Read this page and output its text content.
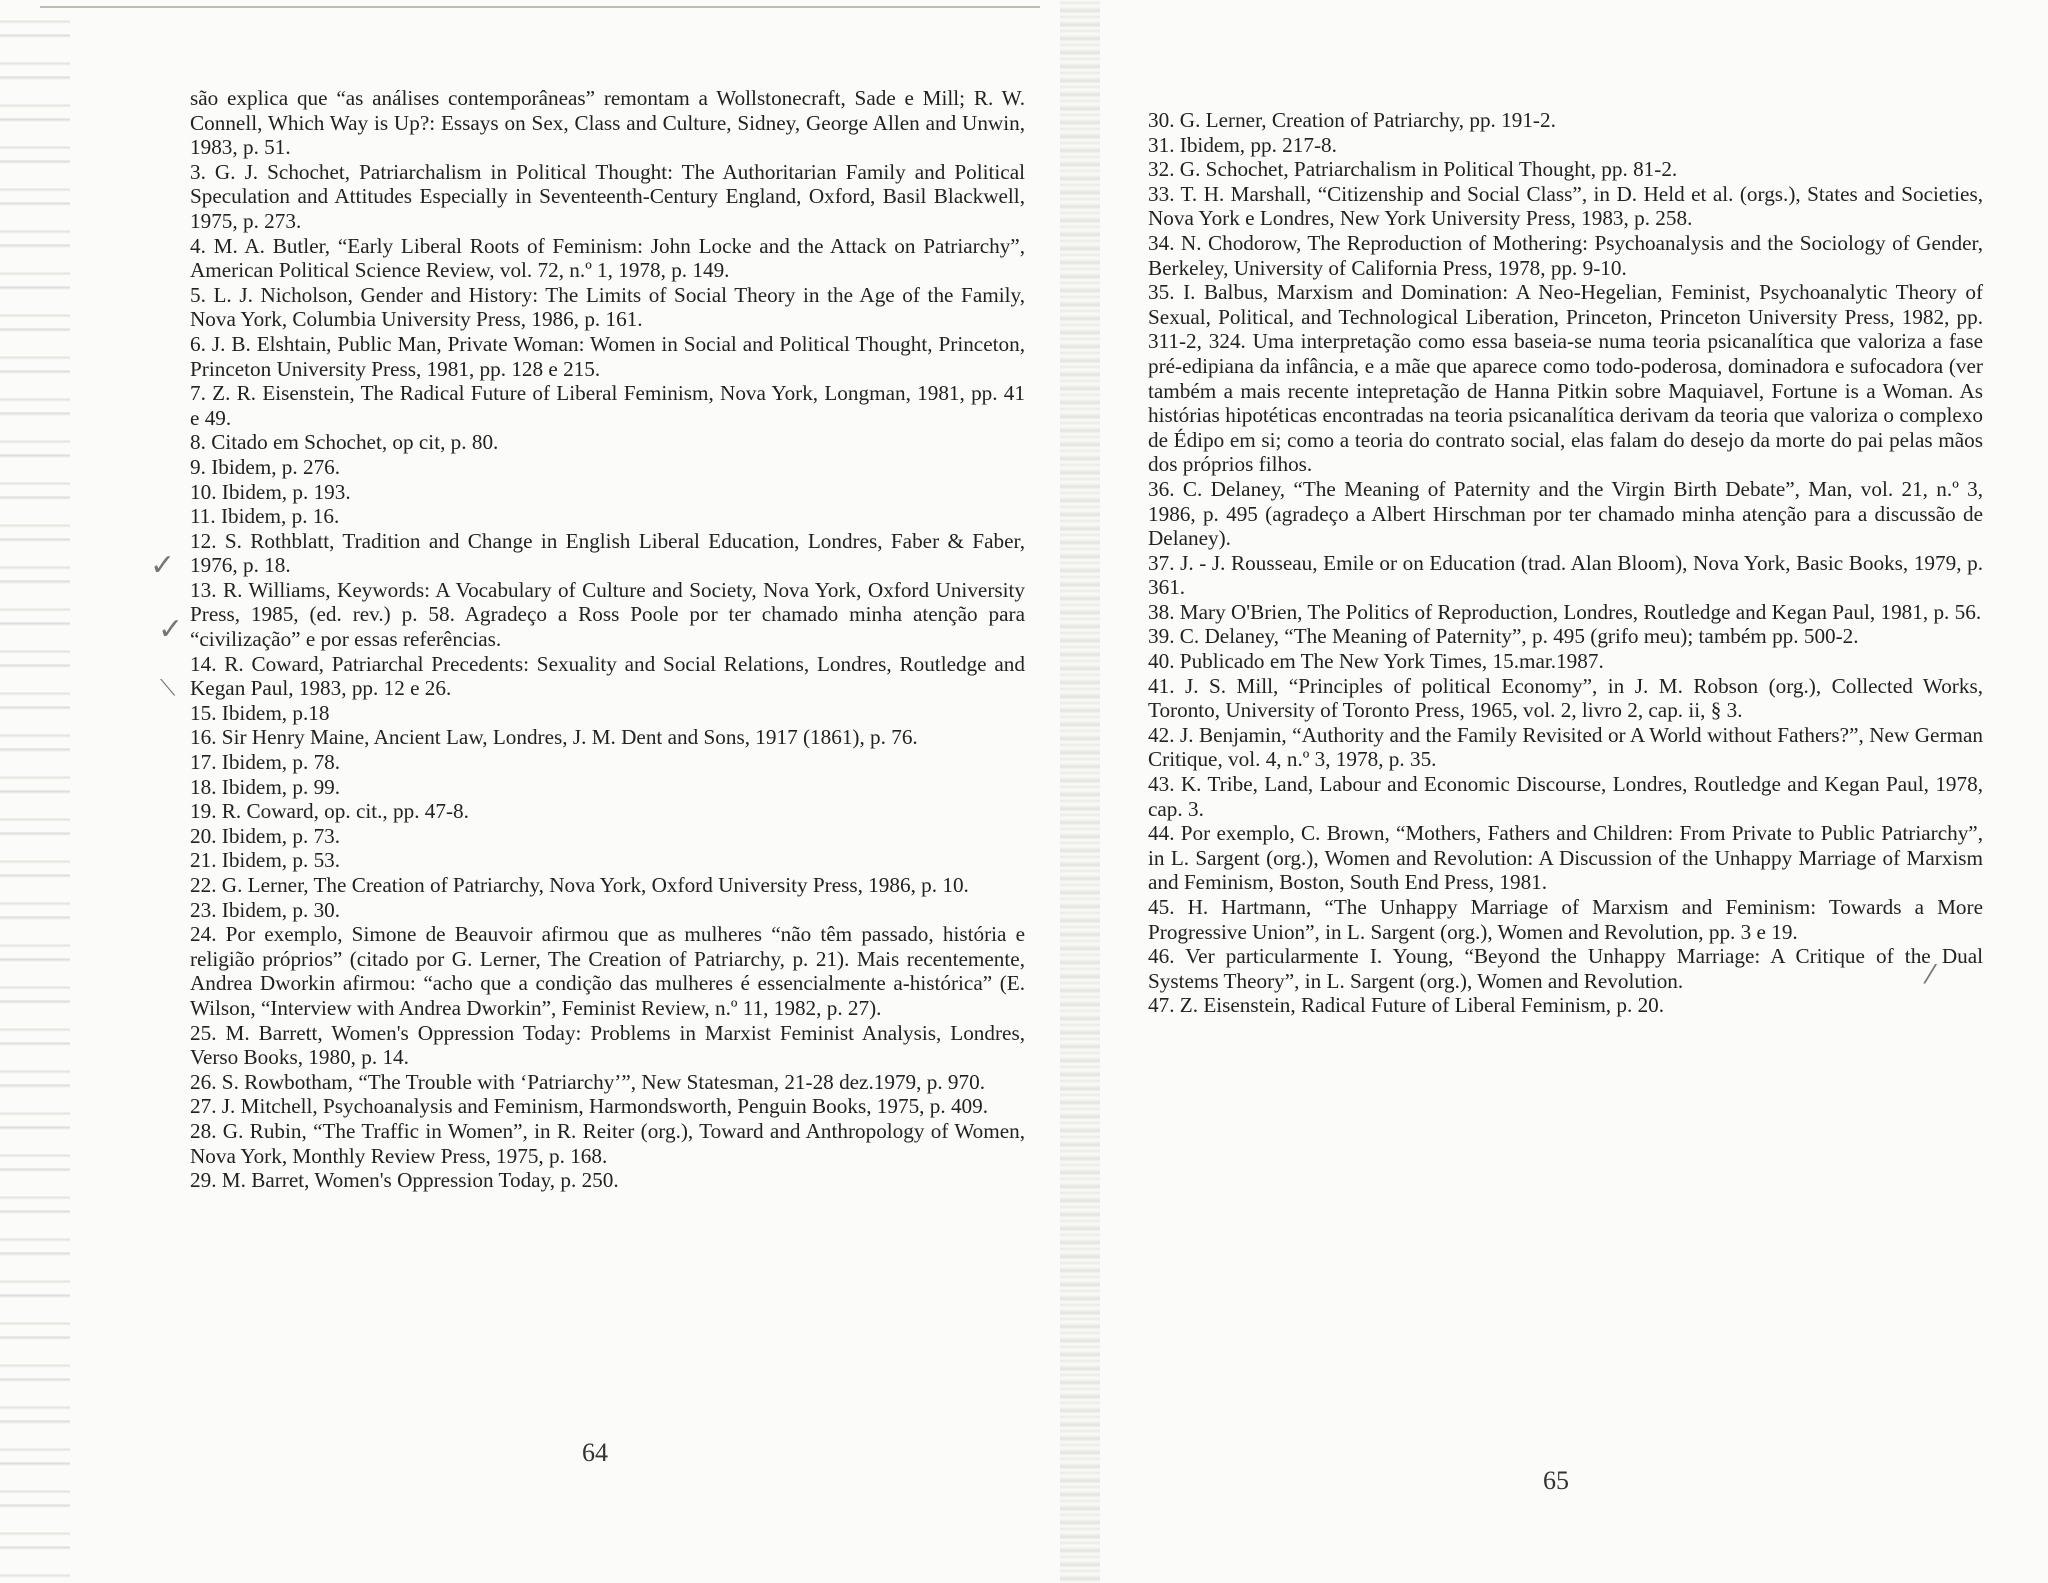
✓
✓
⟍
⁄

são explica que “as análises contemporâneas” remontam a Wollstonecraft, Sade e Mill; R. W. Connell, Which Way is Up?: Essays on Sex, Class and Culture, Sidney, George Allen and Unwin, 1983, p. 51.

3. G. J. Schochet, Patriarchalism in Political Thought: The Authoritarian Family and Political Speculation and Attitudes Especially in Seventeenth-Century England, Oxford, Basil Blackwell, 1975, p. 273.

4. M. A. Butler, “Early Liberal Roots of Feminism: John Locke and the Attack on Patriarchy”, American Political Science Review, vol. 72, n.º 1, 1978, p. 149.

5. L. J. Nicholson, Gender and History: The Limits of Social Theory in the Age of the Family, Nova York, Columbia University Press, 1986, p. 161.

6. J. B. Elshtain, Public Man, Private Woman: Women in Social and Political Thought, Princeton, Princeton University Press, 1981, pp. 128 e 215.

7. Z. R. Eisenstein, The Radical Future of Liberal Feminism, Nova York, Longman, 1981, pp. 41 e 49.

8. Citado em Schochet, op cit, p. 80.

9. Ibidem, p. 276.

10. Ibidem, p. 193.

11. Ibidem, p. 16.

12. S. Rothblatt, Tradition and Change in English Liberal Education, Londres, Faber & Faber, 1976, p. 18.

13. R. Williams, Keywords: A Vocabulary of Culture and Society, Nova York, Oxford University Press, 1985, (ed. rev.) p. 58. Agradeço a Ross Poole por ter chamado minha atenção para “civilização” e por essas referências.

14. R. Coward, Patriarchal Precedents: Sexuality and Social Relations, Londres, Routledge and Kegan Paul, 1983, pp. 12 e 26.

15. Ibidem, p.18

16. Sir Henry Maine, Ancient Law, Londres, J. M. Dent and Sons, 1917 (1861), p. 76.

17. Ibidem, p. 78.

18. Ibidem, p. 99.

19. R. Coward, op. cit., pp. 47-8.

20. Ibidem, p. 73.

21. Ibidem, p. 53.

22. G. Lerner, The Creation of Patriarchy, Nova York, Oxford University Press, 1986, p. 10.

23. Ibidem, p. 30.

24. Por exemplo, Simone de Beauvoir afirmou que as mulheres “não têm passado, história e religião próprios” (citado por G. Lerner, The Creation of Patriarchy, p. 21). Mais recentemente, Andrea Dworkin afirmou: “acho que a condição das mulheres é essencialmente a-histórica” (E. Wilson, “Interview with Andrea Dworkin”, Feminist Review, n.º 11, 1982, p. 27).

25. M. Barrett, Women's Oppression Today: Problems in Marxist Feminist Analysis, Londres, Verso Books, 1980, p. 14.

26. S. Rowbotham, “The Trouble with ‘Patriarchy’”, New Statesman, 21-28 dez.1979, p. 970.

27. J. Mitchell, Psychoanalysis and Feminism, Harmondsworth, Penguin Books, 1975, p. 409.

28. G. Rubin, “The Traffic in Women”, in R. Reiter (org.), Toward and Anthropology of Women, Nova York, Monthly Review Press, 1975, p. 168.

29. M. Barret, Women's Oppression Today, p. 250.

64

30. G. Lerner, Creation of Patriarchy, pp. 191-2.

31. Ibidem, pp. 217-8.

32. G. Schochet, Patriarchalism in Political Thought, pp. 81-2.

33. T. H. Marshall, “Citizenship and Social Class”, in D. Held et al. (orgs.), States and Societies, Nova York e Londres, New York University Press, 1983, p. 258.

34. N. Chodorow, The Reproduction of Mothering: Psychoanalysis and the Sociology of Gender, Berkeley, University of California Press, 1978, pp. 9-10.

35. I. Balbus, Marxism and Domination: A Neo-Hegelian, Feminist, Psychoanalytic Theory of Sexual, Political, and Technological Liberation, Princeton, Princeton University Press, 1982, pp. 311-2, 324. Uma interpretação como essa baseia-se numa teoria psicanalítica que valoriza a fase pré-edipiana da infância, e a mãe que aparece como todo-poderosa, dominadora e sufocadora (ver também a mais recente intepretação de Hanna Pitkin sobre Maquiavel, Fortune is a Woman. As histórias hipotéticas encontradas na teoria psicanalítica derivam da teoria que valoriza o complexo de Édipo em si; como a teoria do contrato social, elas falam do desejo da morte do pai pelas mãos dos próprios filhos.

36. C. Delaney, “The Meaning of Paternity and the Virgin Birth Debate”, Man, vol. 21, n.º 3, 1986, p. 495 (agradeço a Albert Hirschman por ter chamado minha atenção para a discussão de Delaney).

37. J. - J. Rousseau, Emile or on Education (trad. Alan Bloom), Nova York, Basic Books, 1979, p. 361.

38. Mary O'Brien, The Politics of Reproduction, Londres, Routledge and Kegan Paul, 1981, p. 56.

39. C. Delaney, “The Meaning of Paternity”, p. 495 (grifo meu); também pp. 500-2.

40. Publicado em The New York Times, 15.mar.1987.

41. J. S. Mill, “Principles of political Economy”, in J. M. Robson (org.), Collected Works, Toronto, University of Toronto Press, 1965, vol. 2, livro 2, cap. ii, § 3.

42. J. Benjamin, “Authority and the Family Revisited or A World without Fathers?”, New German Critique, vol. 4, n.º 3, 1978, p. 35.

43. K. Tribe, Land, Labour and Economic Discourse, Londres, Routledge and Kegan Paul, 1978, cap. 3.

44. Por exemplo, C. Brown, “Mothers, Fathers and Children: From Private to Public Patriarchy”, in L. Sargent (org.), Women and Revolution: A Discussion of the Unhappy Marriage of Marxism and Feminism, Boston, South End Press, 1981.

45. H. Hartmann, “The Unhappy Marriage of Marxism and Feminism: Towards a More Progressive Union”, in L. Sargent (org.), Women and Revolution, pp. 3 e 19.

46. Ver particularmente I. Young, “Beyond the Unhappy Marriage: A Critique of the Dual Systems Theory”, in L. Sargent (org.), Women and Revolution.

47. Z. Eisenstein, Radical Future of Liberal Feminism, p. 20.

65
